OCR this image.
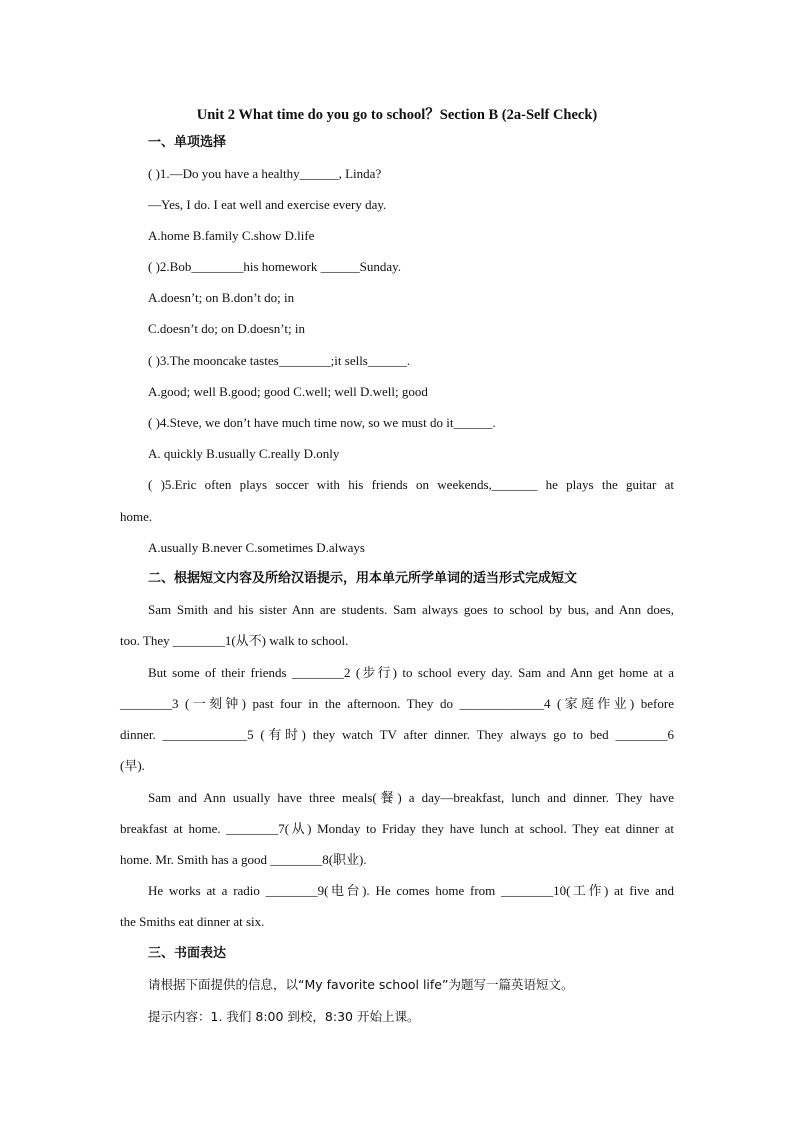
Unit 2 What time do you go to school？Section B (2a-Self Check)
一、单项选择
( )1.—Do you have a healthy______, Linda?
—Yes, I do. I eat well and exercise every day.
A.home B.family C.show D.life
( )2.Bob________his homework ______Sunday.
A.doesn’t; on B.don’t do; in
C.doesn’t do; on D.doesn’t; in
( )3.The mooncake tastes________;it sells______.
A.good; well B.good; good C.well; well D.well; good
( )4.Steve, we don’t have much time now, so we must do it______.
A. quickly B.usually C.really D.only
( )5.Eric often plays soccer with his friends on weekends,_______ he plays the guitar at
home.
A.usually B.never C.sometimes D.always
二、根据短文内容及所给汉语提示，用本单元所学单词的适当形式完成短文
Sam Smith and his sister Ann are students. Sam always goes to school by bus, and Ann does,
too. They ________1(从不) walk to school.
But some of their friends ________2 (步行) to school every day. Sam and Ann get home at a
________3 (一刻钟) past four in the afternoon. They do _____________4 (家庭作业) before
dinner. _____________5 (有时) they watch TV after dinner. They always go to bed ________6
(早).
Sam and Ann usually have three meals(餐) a day—breakfast, lunch and dinner. They have
breakfast at home. ________7(从) Monday to Friday they have lunch at school. They eat dinner at
home. Mr. Smith has a good ________8(职业).
He works at a radio ________9(电台). He comes home from ________10(工作) at five and
the Smiths eat dinner at six.
三、书面表达
请根据下面提供的信息，以“My favorite school life”为题写一篇英语短文。
提示内容：1. 我们 8:00 到校，8:30 开始上课。
